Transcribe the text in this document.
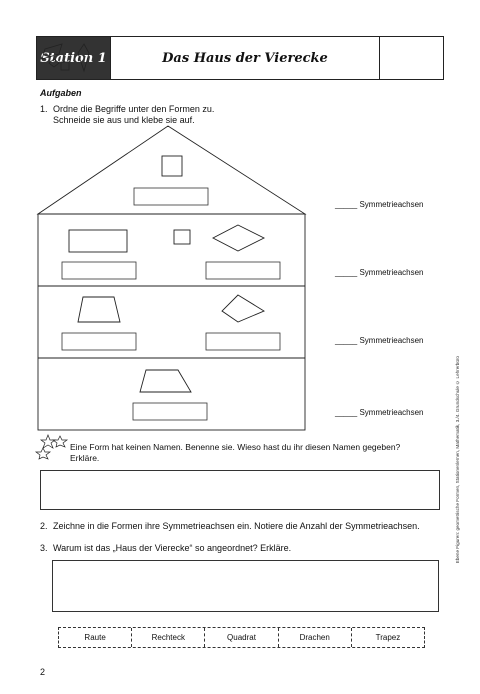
Station 1	Das Haus der Vierecke
Aufgaben
1. Ordne die Begriffe unter den Formen zu.
Schneide sie aus und klebe sie auf.
_____ Symmetrieachsen
_____ Symmetrieachsen
_____ Symmetrieachsen
_____ Symmetrieachsen
Eine Form hat keinen Namen. Benenne sie. Wieso hast du ihr diesen Namen gegeben?
Erkläre.
2. Zeichne in die Formen ihre Symmetrieachsen ein. Notiere die Anzahl der Symmetrieachsen.
3. Warum ist das „Haus der Vierecke“ so angeordnet? Erkläre.
Raute	Rechteck	Quadrat	Drachen	Trapez
Ebene Figuren: geometrische Formen, Stationenlernen, Mathematik, 3./4. Grundschule © Lehrerbüro
2
